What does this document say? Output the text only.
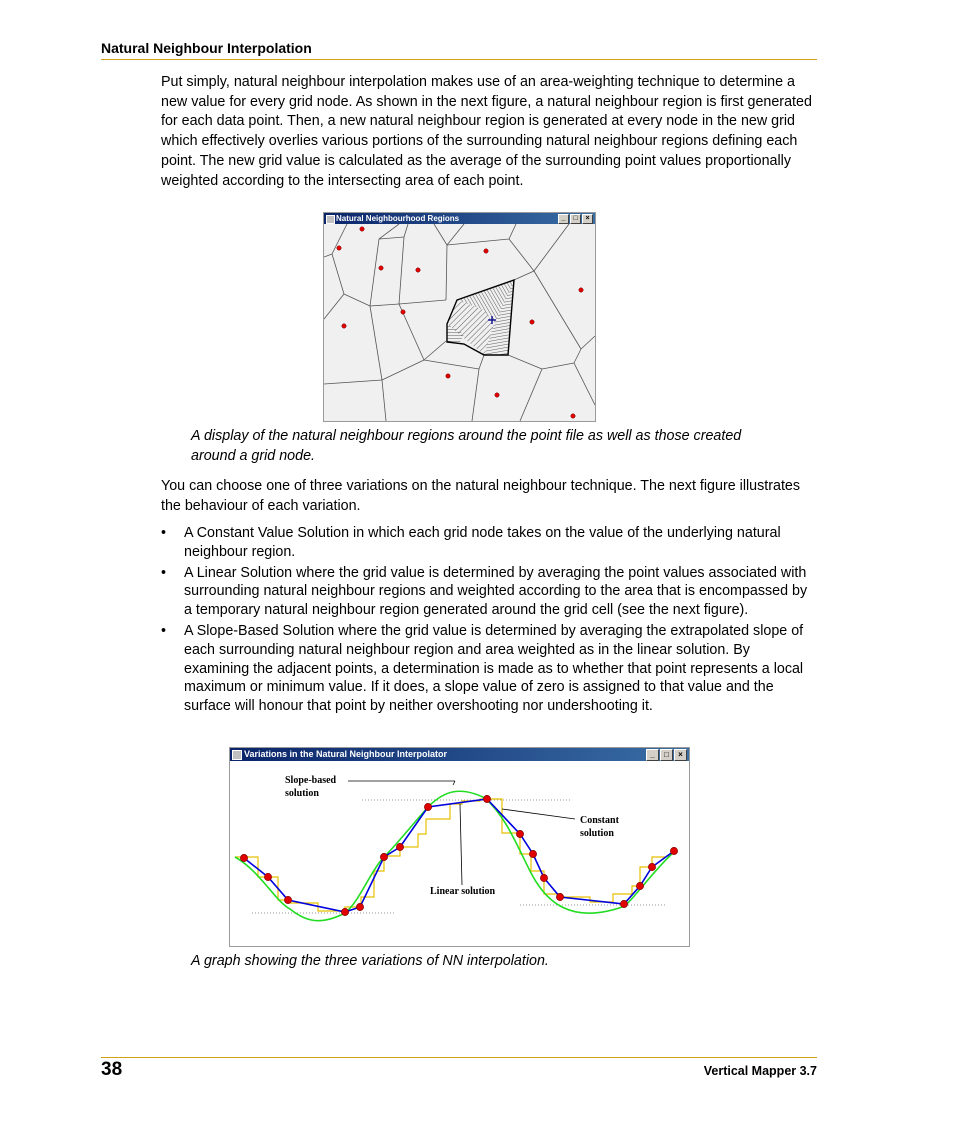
Natural Neighbour Interpolation
Put simply, natural neighbour interpolation makes use of an area-weighting technique to determine a new value for every grid node. As shown in the next figure, a natural neighbour region is first generated for each data point. Then, a new natural neighbour region is generated at every node in the new grid which effectively overlies various portions of the surrounding natural neighbour regions defining each point. The new grid value is calculated as the average of the surrounding point values proportionally weighted according to the intersecting area of each point.
Natural Neighbourhood Regions	_	□	×
A display of the natural neighbour regions around the point file as well as those created around a grid node.
You can choose one of three variations on the natural neighbour technique. The next figure illustrates the behaviour of each variation.
• A Constant Value Solution in which each grid node takes on the value of the underlying natural neighbour region.
• A Linear Solution where the grid value is determined by averaging the point values associated with surrounding natural neighbour regions and weighted according to the area that is encompassed by a temporary natural neighbour region generated around the grid cell (see the next figure).
• A Slope-Based Solution where the grid value is determined by averaging the extrapolated slope of each surrounding natural neighbour region and area weighted as in the linear solution. By examining the adjacent points, a determination is made as to whether that point represents a local maximum or minimum value. If it does, a slope value of zero is assigned to that value and the surface will honour that point by neither overshooting nor undershooting it.
Variations in the Natural Neighbour Interpolator	_	□	×
Slope-based
solution
Constant
solution
Linear solution
A graph showing the three variations of NN interpolation.
38	Vertical Mapper 3.7
